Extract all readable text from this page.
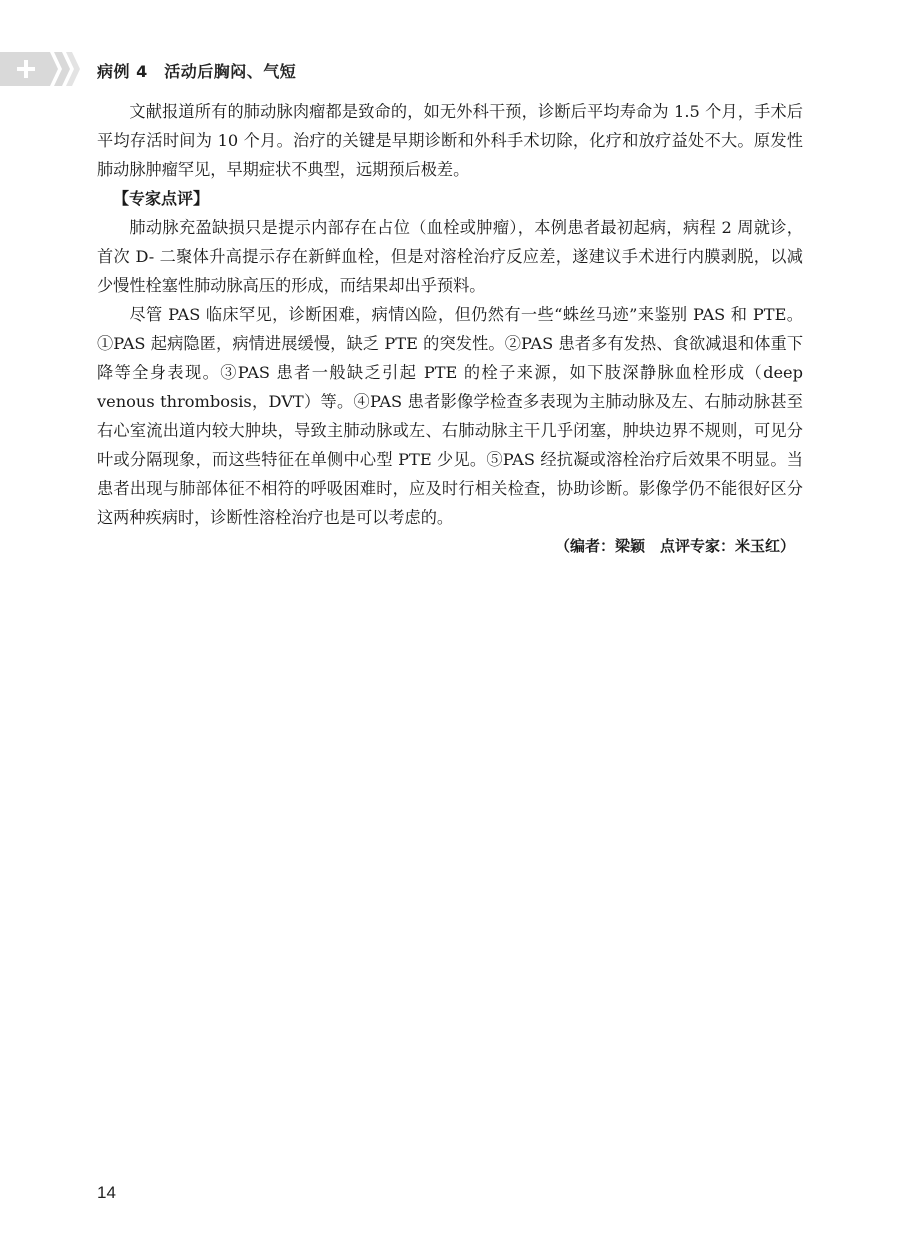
病例 4　活动后胸闷、气短

文献报道所有的肺动脉肉瘤都是致命的，如无外科干预，诊断后平均寿命为 1.5 个月，手术后平均存活时间为 10 个月。治疗的关键是早期诊断和外科手术切除，化疗和放疗益处不大。原发性肺动脉肿瘤罕见，早期症状不典型，远期预后极差。

【专家点评】

肺动脉充盈缺损只是提示内部存在占位（血栓或肿瘤），本例患者最初起病，病程 2 周就诊，首次 D- 二聚体升高提示存在新鲜血栓，但是对溶栓治疗反应差，遂建议手术进行内膜剥脱，以减少慢性栓塞性肺动脉高压的形成，而结果却出乎预料。

尽管 PAS 临床罕见，诊断困难，病情凶险，但仍然有一些“蛛丝马迹”来鉴别 PAS 和 PTE。①PAS 起病隐匿，病情进展缓慢，缺乏 PTE 的突发性。②PAS 患者多有发热、食欲减退和体重下降等全身表现。③PAS 患者一般缺乏引起 PTE 的栓子来源，如下肢深静脉血栓形成（deep venous thrombosis，DVT）等。④PAS 患者影像学检查多表现为主肺动脉及左、右肺动脉甚至右心室流出道内较大肿块，导致主肺动脉或左、右肺动脉主干几乎闭塞，肿块边界不规则，可见分叶或分隔现象，而这些特征在单侧中心型 PTE 少见。⑤PAS 经抗凝或溶栓治疗后效果不明显。当患者出现与肺部体征不相符的呼吸困难时，应及时行相关检查，协助诊断。影像学仍不能很好区分这两种疾病时，诊断性溶栓治疗也是可以考虑的。

（编者：梁颖　点评专家：米玉红）

14
